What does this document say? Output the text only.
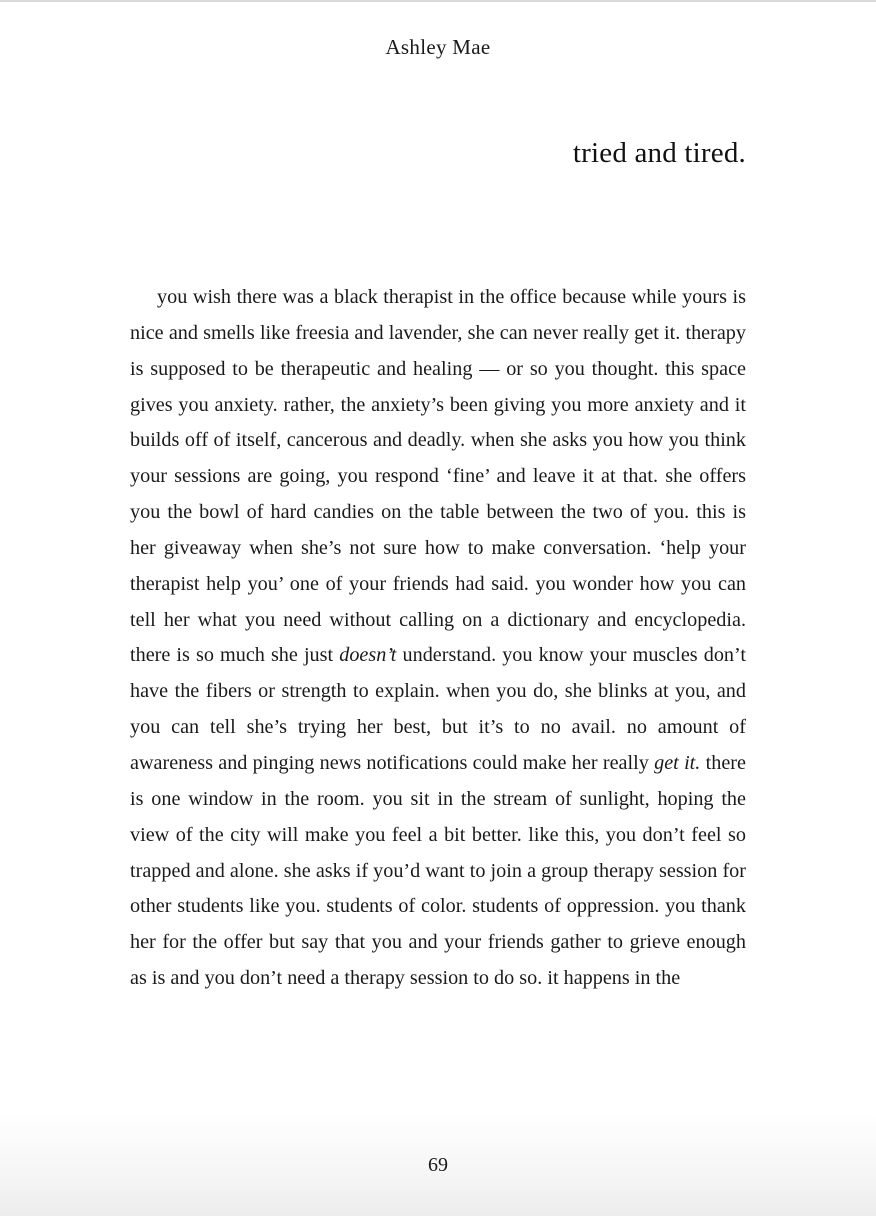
Ashley Mae
tried and tired.

you wish there was a black therapist in the office because while yours is nice and smells like freesia and lavender, she can never really get it. therapy is supposed to be therapeutic and healing — or so you thought. this space gives you anxiety. rather, the anxiety’s been giving you more anxiety and it builds off of itself, cancerous and deadly. when she asks you how you think your sessions are going, you respond ‘fine’ and leave it at that. she offers you the bowl of hard candies on the table between the two of you. this is her giveaway when she’s not sure how to make conversation. ‘help your therapist help you’ one of your friends had said. you wonder how you can tell her what you need without calling on a dictionary and encyclopedia. there is so much she just doesn’t understand. you know your muscles don’t have the fibers or strength to explain. when you do, she blinks at you, and you can tell she’s trying her best, but it’s to no avail. no amount of awareness and pinging news notifications could make her really get it. there is one window in the room. you sit in the stream of sunlight, hoping the view of the city will make you feel a bit better. like this, you don’t feel so trapped and alone. she asks if you’d want to join a group therapy session for other students like you. students of color. students of oppression. you thank her for the offer but say that you and your friends gather to grieve enough as is and you don’t need a therapy session to do so. it happens in the

69
